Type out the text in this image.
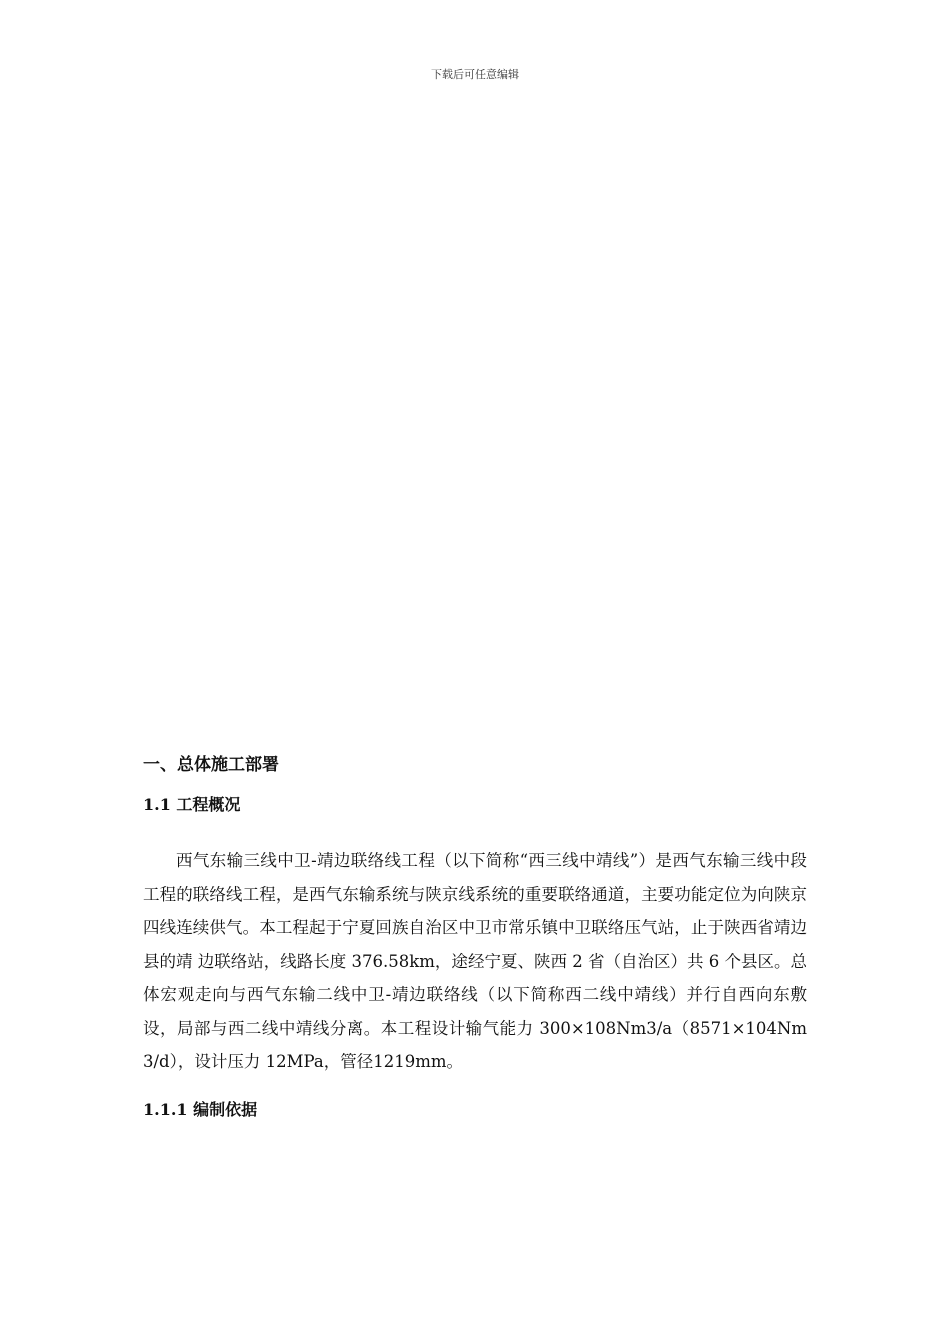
下载后可任意编辑
一、总体施工部署
1.1 工程概况

西气东输三线中卫-靖边联络线工程（以下简称“西三线中靖线”）是西气东输三线中段工程的联络线工程，是西气东输系统与陕京线系统的重要联络通道，主要功能定位为向陕京四线连续供气。本工程起于宁夏回族自治区中卫市常乐镇中卫联络压气站，止于陕西省靖边县的靖 边联络站，线路长度 376.58km，途经宁夏、陕西 2 省（自治区）共 6 个县区。总体宏观走向与西气东输二线中卫-靖边联络线（以下简称西二线中靖线）并行自西向东敷设，局部与西二线中靖线分离。本工程设计输气能力 300×108Nm3/a（8571×104Nm3/d），设计压力 12MPa，管径1219mm。

1.1.1 编制依据
